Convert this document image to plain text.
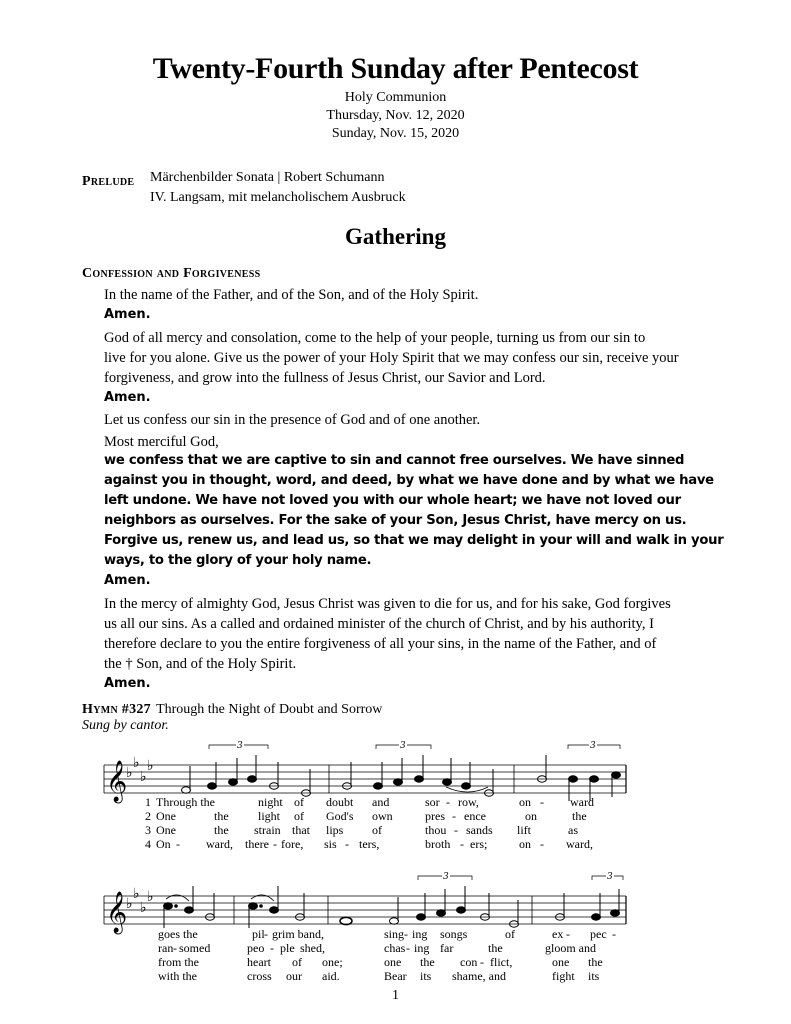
Twenty-Fourth Sunday after Pentecost
Holy Communion
Thursday, Nov. 12, 2020
Sunday, Nov. 15, 2020
Prelude Märchenbilder Sonata | Robert Schumann
IV. Langsam, mit melancholischem Ausbruck
Gathering
Confession and Forgiveness
In the name of the Father, and of the Son, and of the Holy Spirit.
Amen.
God of all mercy and consolation, come to the help of your people, turning us from our sin to
live for you alone. Give us the power of your Holy Spirit that we may confess our sin, receive your
forgiveness, and grow into the fullness of Jesus Christ, our Savior and Lord.
Amen.
Let us confess our sin in the presence of God and of one another.
Most merciful God,
we confess that we are captive to sin and cannot free ourselves. We have sinned
against you in thought, word, and deed, by what we have done and by what we have
left undone. We have not loved you with our whole heart; we have not loved our
neighbors as ourselves. For the sake of your Son, Jesus Christ, have mercy on us.
Forgive us, renew us, and lead us, so that we may delight in your will and walk in your
ways, to the glory of your holy name.
Amen.
In the mercy of almighty God, Jesus Christ was given to die for us, and for his sake, God forgives
us all our sins. As a called and ordained minister of the church of Christ, and by his authority, I
therefore declare to you the entire forgiveness of all your sins, in the name of the Father, and of
the † Son, and of the Holy Spirit.
Amen.
Hymn #327 Through the Night of Doubt and Sorrow
Sung by cantor.
𝄞
♭
♭
♭
♭
3	3	3
1 Through the	night of doubt and	sor - row,	on - ward
2 One	the light of God's own	pres - ence	on	the
3 One	the strain that lips of	thou - sands lift	as
4 On - ward, there - fore, sis - ters,	broth - ers;	on - ward,
𝄞
♭
♭
♭
♭
3	3
goes the	pil - grim band,	sing - ing songs	of	ex - pec -
ran - somed	peo - ple shed,	chas - ing far	the	gloom and
from the	heart of one;	one the con - flict,	one the
with the	cross our aid.	Bear its shame, and	fight its
1
